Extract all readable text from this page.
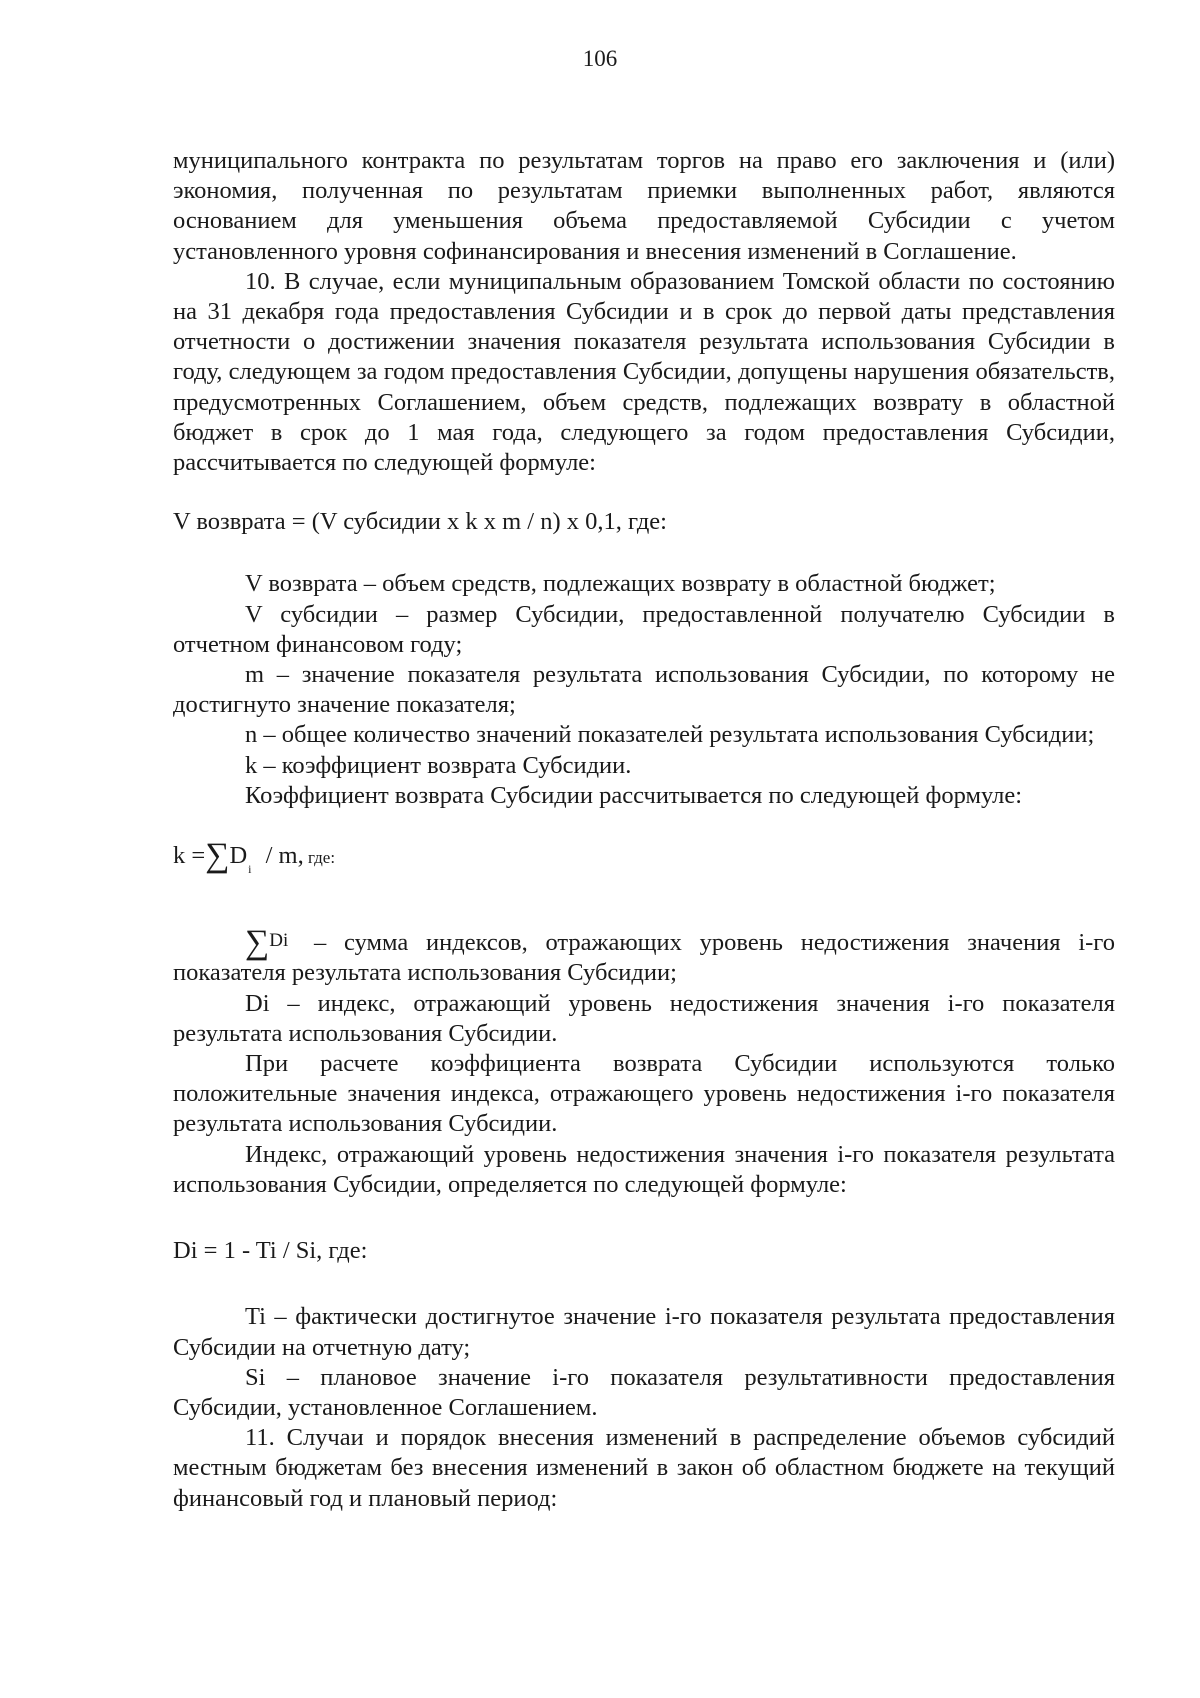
106

муниципального контракта по результатам торгов на право его заключения и (или) экономия, полученная по результатам приемки выполненных работ, являются основанием для уменьшения объема предоставляемой Субсидии с учетом установленного уровня софинансирования и внесения изменений в Соглашение.

10. В случае, если муниципальным образованием Томской области по состоянию на 31 декабря года предоставления Субсидии и в срок до первой даты представления отчетности о достижении значения показателя результата использования Субсидии в году, следующем за годом предоставления Субсидии, допущены нарушения обязательств, предусмотренных Соглашением, объем средств, подлежащих возврату в областной бюджет в срок до 1 мая года, следующего за годом предоставления Субсидии, рассчитывается по следующей формуле:

V возврата = (V субсидии x k x m / n) x 0,1, где:

V возврата – объем средств, подлежащих возврату в областной бюджет;

V субсидии – размер Субсидии, предоставленной получателю Субсидии в отчетном финансовом году;

m – значение показателя результата использования Субсидии, по которому не достигнуто значение показателя;

n – общее количество значений показателей результата использования Субсидии;

k – коэффициент возврата Субсидии.

Коэффициент возврата Субсидии рассчитывается по следующей формуле:

$k =\sum D_i / m$, где:

∑Di – сумма индексов, отражающих уровень недостижения значения i-го показателя результата использования Субсидии;

Di – индекс, отражающий уровень недостижения значения i-го показателя результата использования Субсидии.

При расчете коэффициента возврата Субсидии используются только положительные значения индекса, отражающего уровень недостижения i-го показателя результата использования Субсидии.

Индекс, отражающий уровень недостижения значения i-го показателя результата использования Субсидии, определяется по следующей формуле:

Di = 1 - Ti / Si, где:

Ti – фактически достигнутое значение i-го показателя результата предоставления Субсидии на отчетную дату;

Si – плановое значение i-го показателя результативности предоставления Субсидии, установленное Соглашением.

11. Случаи и порядок внесения изменений в распределение объемов субсидий местным бюджетам без внесения изменений в закон об областном бюджете на текущий финансовый год и плановый период:
